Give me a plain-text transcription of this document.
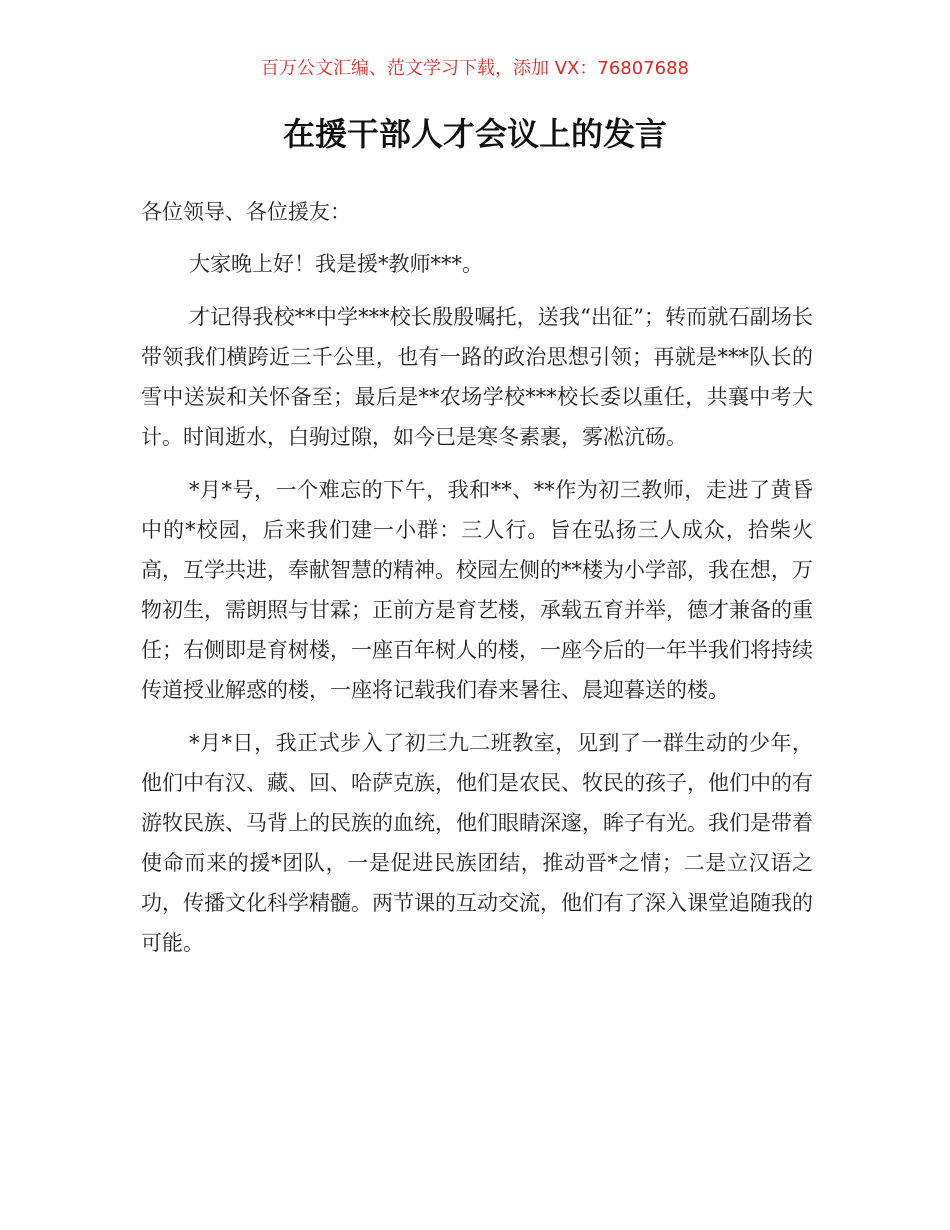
百万公文汇编、范文学习下载，添加 VX：76807688
在援干部人才会议上的发言

各位领导、各位援友：

大家晚上好！我是援*教师***。

才记得我校**中学***校长殷殷嘱托，送我“出征”；转而就石副场长带领我们横跨近三千公里，也有一路的政治思想引领；再就是***队长的雪中送炭和关怀备至；最后是**农场学校***校长委以重任，共襄中考大计。时间逝水，白驹过隙，如今已是寒冬素裹，雾凇沆砀。

*月*号，一个难忘的下午，我和**、**作为初三教师，走进了黄昏中的*校园，后来我们建一小群：三人行。旨在弘扬三人成众，拾柴火高，互学共进，奉献智慧的精神。校园左侧的**楼为小学部，我在想，万物初生，需朗照与甘霖；正前方是育艺楼，承载五育并举，德才兼备的重任；右侧即是育树楼，一座百年树人的楼，一座今后的一年半我们将持续传道授业解惑的楼，一座将记载我们春来暑往、晨迎暮送的楼。

*月*日，我正式步入了初三九二班教室，见到了一群生动的少年，他们中有汉、藏、回、哈萨克族，他们是农民、牧民的孩子，他们中的有游牧民族、马背上的民族的血统，他们眼睛深邃，眸子有光。我们是带着使命而来的援*团队，一是促进民族团结，推动晋*之情；二是立汉语之功，传播文化科学精髓。两节课的互动交流，他们有了深入课堂追随我的可能。
